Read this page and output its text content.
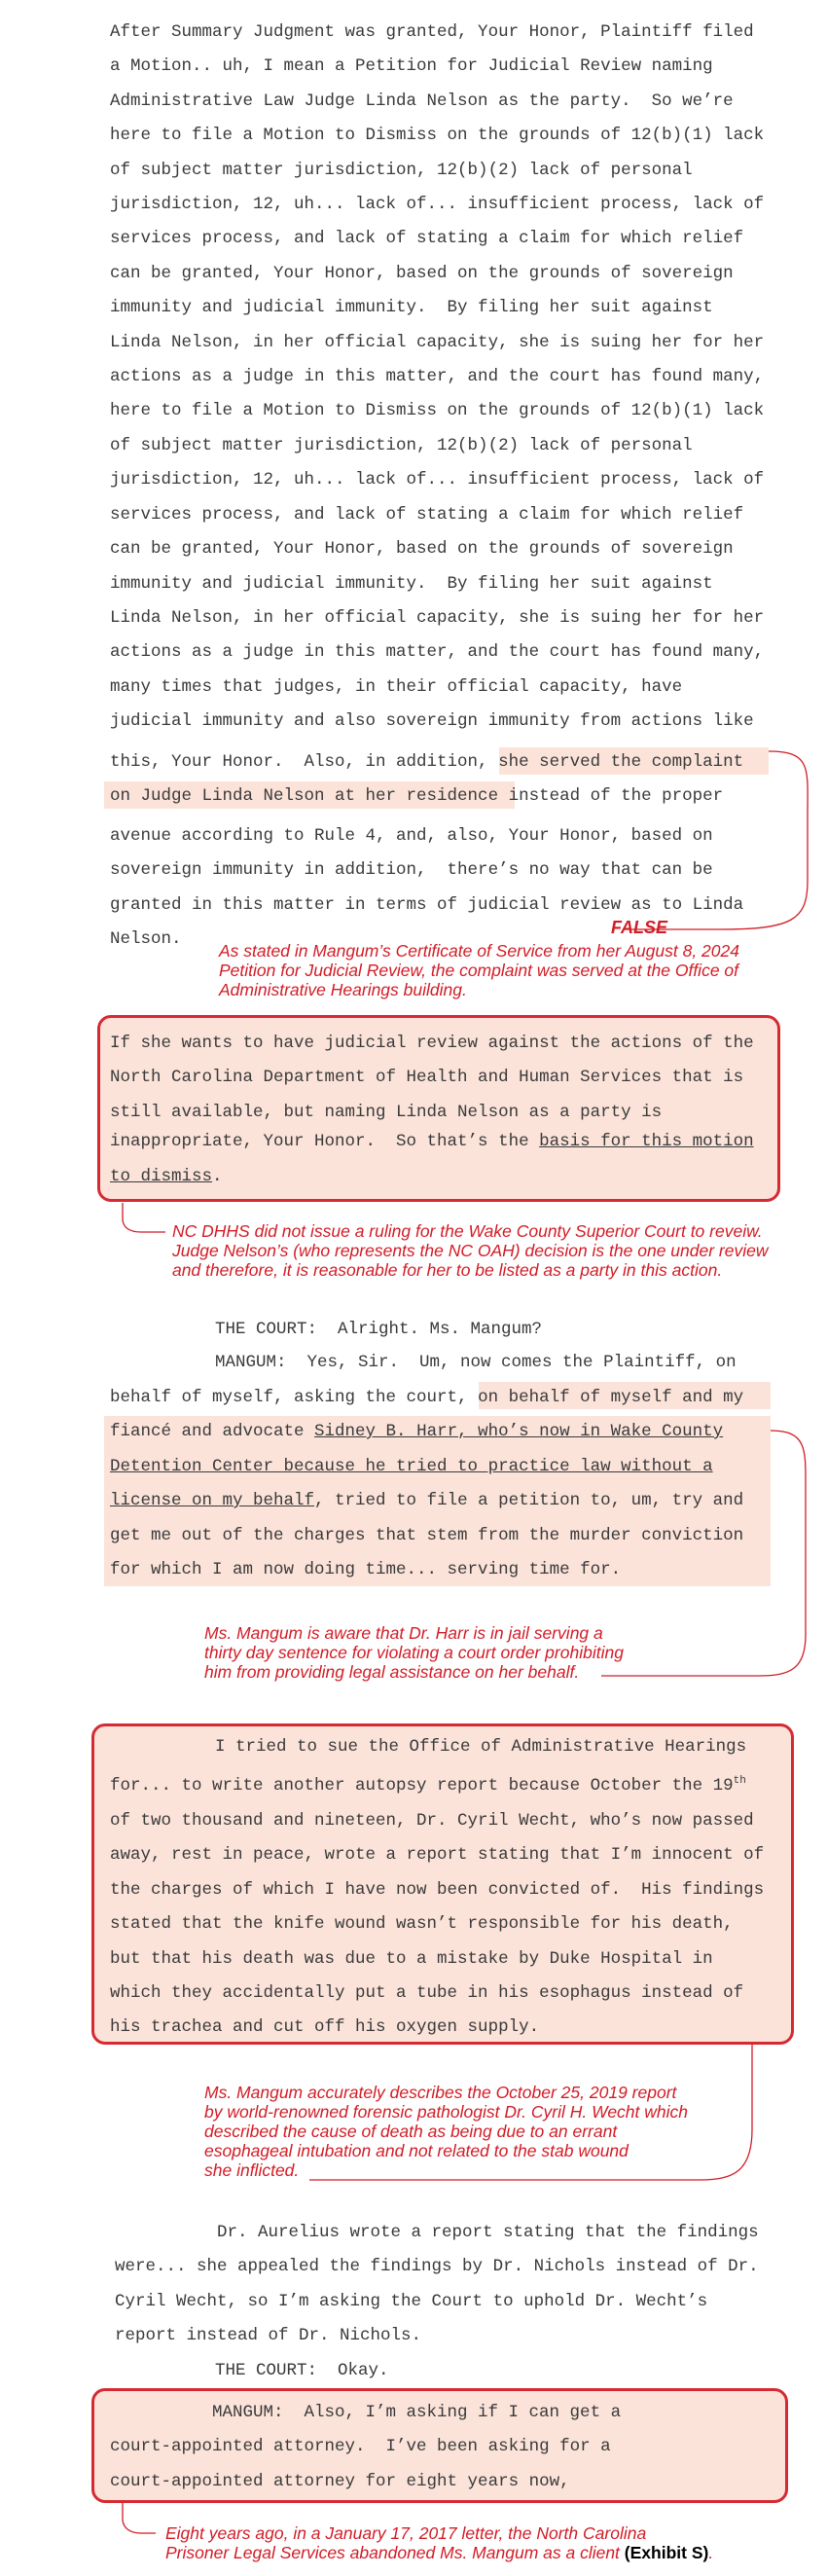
After Summary Judgment was granted, Your Honor, Plaintiff filed
a Motion.. uh, I mean a Petition for Judicial Review naming
Administrative Law Judge Linda Nelson as the party.  So we’re
here to file a Motion to Dismiss on the grounds of 12(b)(1) lack
of subject matter jurisdiction, 12(b)(2) lack of personal
jurisdiction, 12, uh... lack of... insufficient process, lack of
services process, and lack of stating a claim for which relief
can be granted, Your Honor, based on the grounds of sovereign
immunity and judicial immunity.  By filing her suit against
Linda Nelson, in her official capacity, she is suing her for her
actions as a judge in this matter, and the court has found many,
here to file a Motion to Dismiss on the grounds of 12(b)(1) lack
of subject matter jurisdiction, 12(b)(2) lack of personal
jurisdiction, 12, uh... lack of... insufficient process, lack of
services process, and lack of stating a claim for which relief
can be granted, Your Honor, based on the grounds of sovereign
immunity and judicial immunity.  By filing her suit against
Linda Nelson, in her official capacity, she is suing her for her
actions as a judge in this matter, and the court has found many,
many times that judges, in their official capacity, have
judicial immunity and also sovereign immunity from actions like
this, Your Honor.  Also, in addition, she served the complaint
on Judge Linda Nelson at her residence instead of the proper
avenue according to Rule 4, and, also, Your Honor, based on
sovereign immunity in addition,  there’s no way that can be
granted in this matter in terms of judicial review as to Linda
Nelson.
FALSE
As stated in Mangum’s Certificate of Service from her August 8, 2024
Petition for Judicial Review, the complaint was served at the Office of
Administrative Hearings building.
If she wants to have judicial review against the actions of the
North Carolina Department of Health and Human Services that is
still available, but naming Linda Nelson as a party is
inappropriate, Your Honor.  So that’s the basis for this motion
to dismiss.
NC DHHS did not issue a ruling for the Wake County Superior Court to reveiw.
Judge Nelson’s (who represents the NC OAH) decision is the one under review
and therefore, it is reasonable for her to be listed as a party in this action.
THE COURT:  Alright. Ms. Mangum?
MANGUM:  Yes, Sir.  Um, now comes the Plaintiff, on
behalf of myself, asking the court, on behalf of myself and my
fiancé and advocate Sidney B. Harr, who’s now in Wake County
Detention Center because he tried to practice law without a
license on my behalf, tried to file a petition to, um, try and
get me out of the charges that stem from the murder conviction
for which I am now doing time... serving time for.
Ms. Mangum is aware that Dr. Harr is in jail serving a
thirty day sentence for violating a court order prohibiting
him from providing legal assistance on her behalf.
I tried to sue the Office of Administrative Hearings
for... to write another autopsy report because October the 19th
of two thousand and nineteen, Dr. Cyril Wecht, who’s now passed
away, rest in peace, wrote a report stating that I’m innocent of
the charges of which I have now been convicted of.  His findings
stated that the knife wound wasn’t responsible for his death,
but that his death was due to a mistake by Duke Hospital in
which they accidentally put a tube in his esophagus instead of
his trachea and cut off his oxygen supply.
Ms. Mangum accurately describes the October 25, 2019 report
by world-renowned forensic pathologist Dr. Cyril H. Wecht which
described the cause of death as being due to an errant
esophageal intubation and not related to the stab wound
she inflicted.
Dr. Aurelius wrote a report stating that the findings
were... she appealed the findings by Dr. Nichols instead of Dr.
Cyril Wecht, so I’m asking the Court to uphold Dr. Wecht’s
report instead of Dr. Nichols.
THE COURT:  Okay.
MANGUM:  Also, I’m asking if I can get a
court-appointed attorney.  I’ve been asking for a
court-appointed attorney for eight years now,
Eight years ago, in a January 17, 2017 letter, the North Carolina
Prisoner Legal Services abandoned Ms. Mangum as a client (Exhibit S).
